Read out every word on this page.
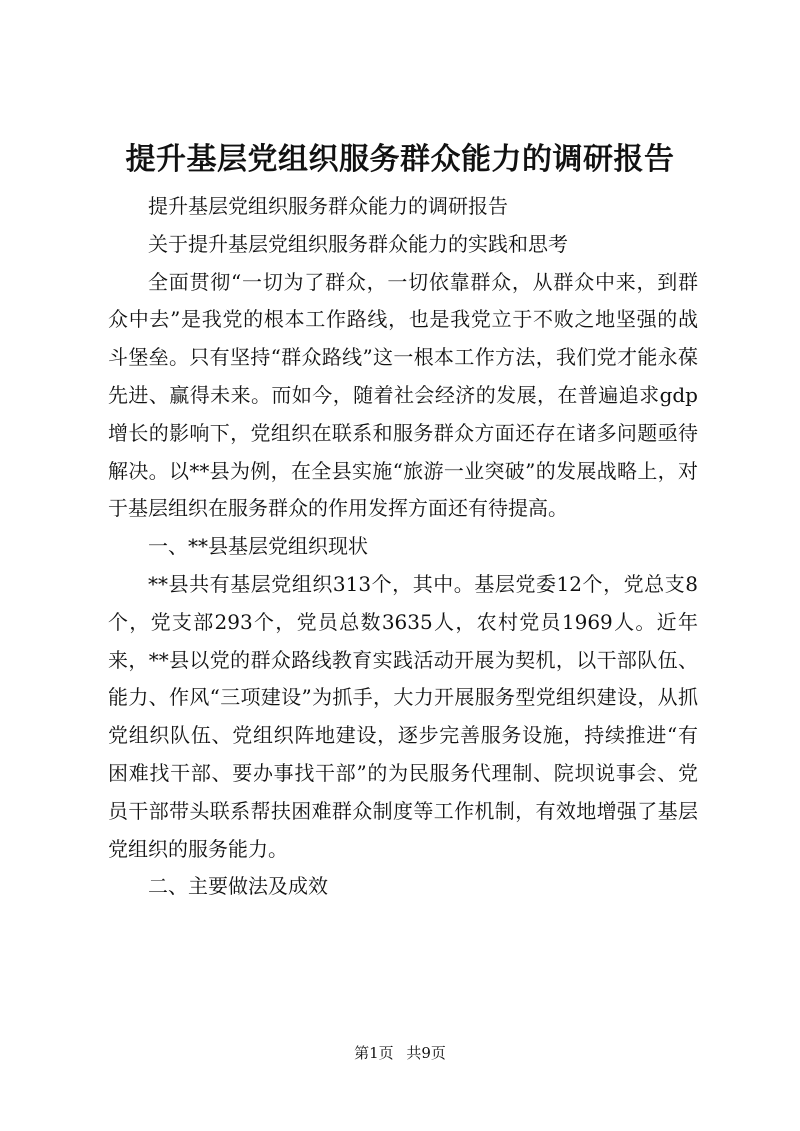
提升基层党组织服务群众能力的调研报告

提升基层党组织服务群众能力的调研报告

关于提升基层党组织服务群众能力的实践和思考

全面贯彻“一切为了群众，一切依靠群众，从群众中来，到群众中去”是我党的根本工作路线，也是我党立于不败之地坚强的战斗堡垒。只有坚持“群众路线”这一根本工作方法，我们党才能永葆先进、赢得未来。而如今，随着社会经济的发展，在普遍追求gdp增长的影响下，党组织在联系和服务群众方面还存在诸多问题亟待解决。以**县为例，在全县实施“旅游一业突破”的发展战略上，对于基层组织在服务群众的作用发挥方面还有待提高。

一、**县基层党组织现状

**县共有基层党组织313个，其中。基层党委12个，党总支8个，党支部293个，党员总数3635人，农村党员1969人。近年来，**县以党的群众路线教育实践活动开展为契机，以干部队伍、能力、作风“三项建设”为抓手，大力开展服务型党组织建设，从抓党组织队伍、党组织阵地建设，逐步完善服务设施，持续推进“有困难找干部、要办事找干部”的为民服务代理制、院坝说事会、党员干部带头联系帮扶困难群众制度等工作机制，有效地增强了基层党组织的服务能力。

二、主要做法及成效

第1页 共9页
